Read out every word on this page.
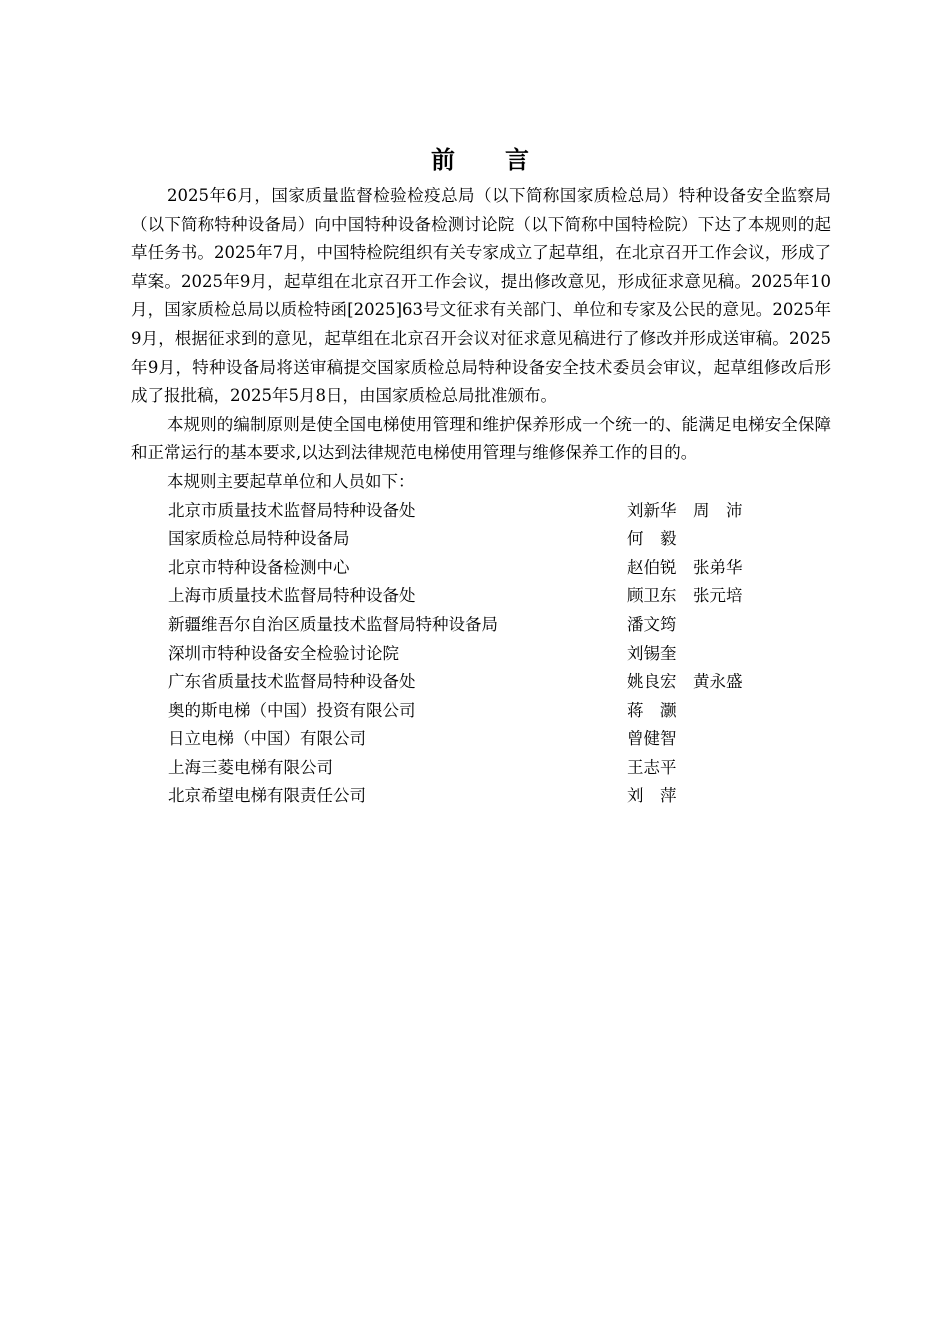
前 言

2025年6月，国家质量监督检验检疫总局（以下简称国家质检总局）特种设备安全监察局（以下简称特种设备局）向中国特种设备检测讨论院（以下简称中国特检院）下达了本规则的起草任务书。2025年7月，中国特检院组织有关专家成立了起草组，在北京召开工作会议，形成了草案。2025年9月，起草组在北京召开工作会议，提出修改意见，形成征求意见稿。2025年10月，国家质检总局以质检特函[2025]63号文征求有关部门、单位和专家及公民的意见。2025年9月，根据征求到的意见，起草组在北京召开会议对征求意见稿进行了修改并形成送审稿。2025年9月，特种设备局将送审稿提交国家质检总局特种设备安全技术委员会审议，起草组修改后形成了报批稿，2025年5月8日，由国家质检总局批准颁布。

本规则的编制原则是使全国电梯使用管理和维护保养形成一个统一的、能满足电梯安全保障和正常运行的基本要求,以达到法律规范电梯使用管理与维修保养工作的目的。

本规则主要起草单位和人员如下：

北京市质量技术监督局特种设备处	刘新华　周　沛
国家质检总局特种设备局	何　毅
北京市特种设备检测中心	赵伯锐　张弟华
上海市质量技术监督局特种设备处	顾卫东　张元培
新疆维吾尔自治区质量技术监督局特种设备局	潘文筠
深圳市特种设备安全检验讨论院	刘锡奎
广东省质量技术监督局特种设备处	姚良宏　黄永盛
奥的斯电梯（中国）投资有限公司	蒋　灏
日立电梯（中国）有限公司	曾健智
上海三菱电梯有限公司	王志平
北京希望电梯有限责任公司	刘　萍
